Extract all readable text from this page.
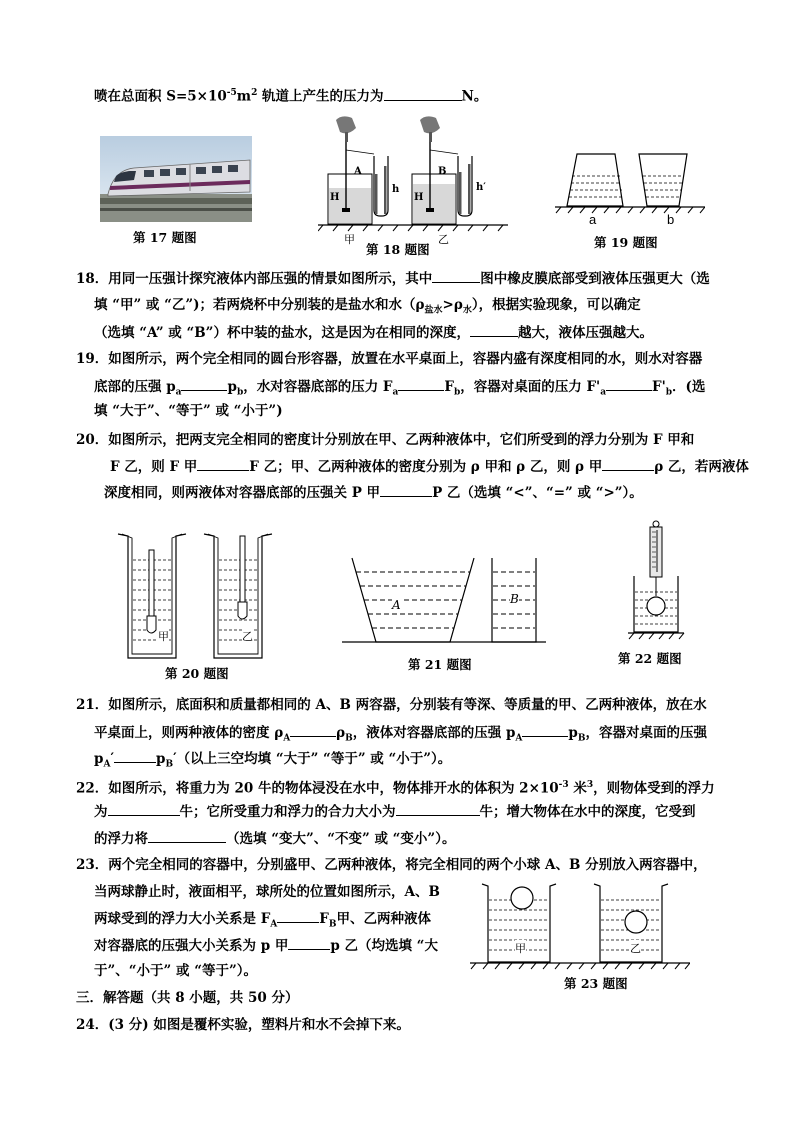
喷在总面积 $S=5\times 10^{-5}m^2$ 轨道上产生的压力为	N。
第 17 题图
A	B
H	H
h	h′
甲	乙
第 18 题图
a	b
第 19 题图
18．用同一压强计探究液体内部压强的情景如图所示，其中	图中橡皮膜底部受到液体压强更大（选
填 “甲” 或 “乙”)；若两烧杯中分别装的是盐水和水$(\rho_{盐水}>\rho_水)$，根据实验现象，可以确定
（选填 “A” 或 “B”）杯中装的盐水，这是因为在相同的深度，	越大，液体压强越大。
19．如图所示，两个完全相同的圆台形容器，放置在水平桌面上，容器内盛有深度相同的水，则水对容器
底部的压强 $p_a$	$p_b$，水对容器底部的压力 $F_a$	$F_b$，容器对桌面的压力 $F'_a$	$F'_b$．(选
填 “大于”、“等于” 或 “小于”)
20．如图所示，把两支完全相同的密度计分别放在甲、乙两种液体中，它们所受到的浮力分别为 F 甲和
F 乙，则 F 甲	F 乙；甲、乙两种液体的密度分别为 ρ 甲和 ρ 乙，则 ρ 甲	ρ 乙，若两液体
深度相同，则两液体对容器底部的压强关 P 甲	P 乙（选填 “<”、“=” 或 “>”）。
甲	乙
第 20 题图
A	B
第 21 题图	第 22 题图
21．如图所示，底面积和质量都相同的 A、B 两容器，分别装有等深、等质量的甲、乙两种液体，放在水
平桌面上，则两种液体的密度 $\rho_A$	$\rho_B$，液体对容器底部的压强 $p_A$	$p_B$，容器对桌面的压强
$p_A'$	$p_B'$（以上三空均填 “大于” “等于” 或 “小于”）。
22．如图所示，将重力为 20 牛的物体浸没在水中，物体排开水的体积为 $2\times 10^{-3}$ 米$^3$，则物体受到的浮力
为	牛；它所受重力和浮力的合力大小为	牛；增大物体在水中的深度，它受到
的浮力将	（选填 “变大”、“不变” 或 “变小”）。
23．两个完全相同的容器中，分别盛甲、乙两种液体，将完全相同的两个小球 A、B 分别放入两容器中，
当两球静止时，液面相平，球所处的位置如图所示，A、B
两球受到的浮力大小关系是 $F_A$	$F_B$甲、乙两种液体
对容器底的压强大小关系为 p 甲	p 乙（均选填 “大
于”、“小于” 或 “等于”）。
甲	乙
第 23 题图
三．解答题（共 8 小题，共 50 分）
24．(3 分) 如图是覆杯实验，塑料片和水不会掉下来。
